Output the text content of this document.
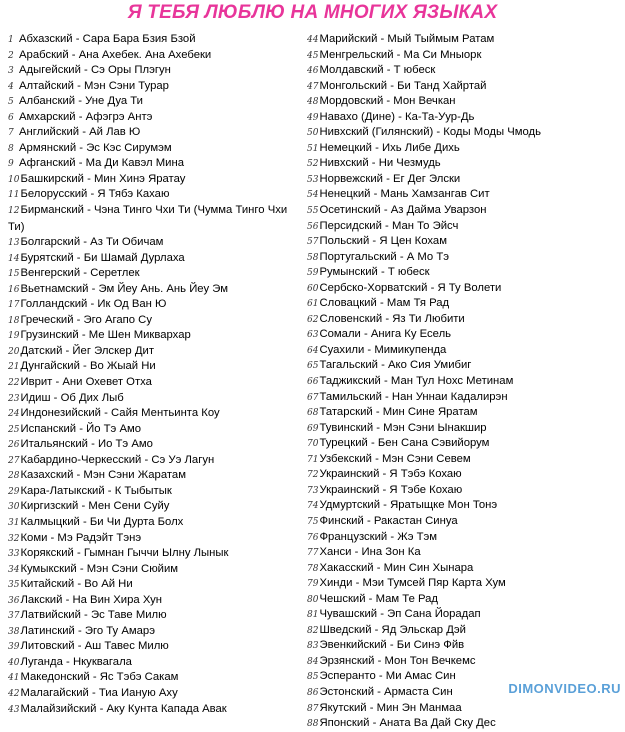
Я ТЕБЯ ЛЮБЛЮ НА МНОГИХ ЯЗЫКАХ
1 Абхазский - Сара Бара Бзия Бзой
2 Арабский - Ана Ахебек. Ана Ахебеки
3 Адыгейский - Сэ Оры Плэгун
4 Алтайский - Мэн Сэни Турар
5 Албанский - Уне Дуа Ти
6 Амхарский - Афэгрэ Антэ
7 Английский - Ай Лав Ю
8 Армянский - Эс Кэс Сирумэм
9 Афганский - Ма Ди Кавэл Мина
10Башкирский - Мин Хинэ Яратау
11Белорусский - Я Тябэ Кахаю
12Бирманский - Чэна Тинго Чхи Ти (Чумма Тинго Чхи Ти)
13Болгарский - Аз Ти Обичам
14Бурятский - Би Шамай Дурлаха
15Венгерский - Серетлек
16Вьетнамский - Эм Йеу Ань. Ань Йеу Эм
17Голландский - Ик Од Ван Ю
18Греческий - Эго Агапо Су
19Грузинский - Ме Шен Миквархар
20Датский - Йег Элскер Дит
21Дунгайский - Во Жыай Ни
22Иврит - Ани Охевет Отха
23Идиш - Об Дих Лыб
24Индонезийский - Сайя Ментьинта Коу
25Испанский - Йо Тэ Амо
26Итальянский - Ио Тэ Амо
27Кабардино-Черкесский - Сэ Уэ Лагун
28Казахский - Мэн Сэни Жаратам
29Кара-Латыкский - К Тыбытык
30Киргизский - Мен Сени Суйу
31Калмыцкий - Би Чи Дурта Болх
32Коми - Мэ Радэйт Тэнэ
33Корякский - Гымнан Гыччи Ылну Лынык
34Кумыкский - Мэн Сэни Сюйим
35Китайский - Во Ай Ни
36Лакский - На Вин Хира Хун
37Латвийский - Эс Таве Милю
38Латинский - Эго Ту Амарэ
39Литовский - Аш Тавес Милю
40Луганда - Нкуквагала
41Македонский - Яс Тэбэ Сакам
42Малагайский - Тиа Ианую Аху
43Малайзийский - Аку Кунта Капада Авак
44Марийский - Мый Тыймым Ратам
45Менгрельский - Ма Си Мныорк
46Молдавский - Т юбеск
47Монгольский - Би Танд Хайртай
48Мордовский - Мон Вечкан
49Навахо (Дине) - Ка-Та-Уур-Дь
50Нивхский (Гилянский) - Коды Моды Чмодь
51Немецкий - Ихь Либе Дихь
52Нивхский - Ни Чезмудь
53Норвежский - Ег Дег Элски
54Ненецкий - Мань Хамзангав Сит
55Осетинский - Аз Дайма Уварзон
56Персидский - Ман То Эйсч
57Польский - Я Цен Кохам
58Португальский - А Мо Тэ
59Румынский - Т юбеск
60Сербско-Хорватский - Я Ту Волети
61Словацкий - Мам Тя Рад
62Словенский - Яз Ти Любити
63Сомали - Анига Ку Есель
64Суахили - Мимикупенда
65Тагальский - Ако Сия Умибиг
66Таджикский - Ман Тул Нохс Метинам
67Тамильский - Нан Уннаи Кадалирэн
68Татарский - Мин Сине Яратам
69Тувинский - Мэн Сэни Ынакшир
70Турецкий - Бен Сана Сэвийорум
71Узбекский - Мэн Сэни Севем
72Украинский - Я Тэбэ Кохаю
73Украинский - Я Тэбе Кохаю
74Удмуртский - Яратыщке Мон Тонэ
75Финский - Ракастан Синуа
76Французский - Жэ Тэм
77Ханси - Ина Зон Ка
78Хакасский - Мин Син Хынара
79Хинди - Мэи Тумсей Пяр Карта Хум
80Чешский - Мам Те Рад
81Чувашский - Эп Сана Йорадап
82Шведский - Яд Эльскар Дэй
83Эвенкийский - Би Синэ Фйв
84Эрзянский - Мон Тон Вечкемс
85Эсперанто - Ми Амас Син
86Эстонский - Армаста Син
87Якутский - Мин Эн Манмаа
88Японский - Аната Ва Дай Ску Дес
DIMONVIDEO.RU
